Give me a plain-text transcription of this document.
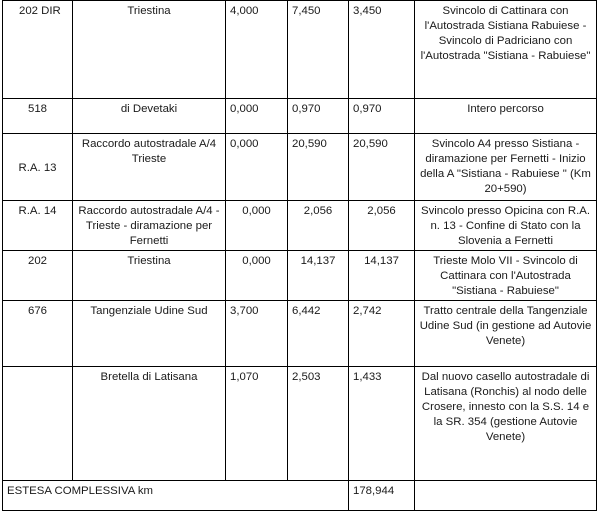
202 DIR	Triestina	4,000	7,450	3,450	Svincolo di Cattinara con l'Autostrada Sistiana Rabuiese - Svincolo di Padriciano con l'Autostrada "Sistiana - Rabuiese"
518	di Devetaki	0,000	0,970	0,970	Intero percorso
R.A. 13	Raccordo autostradale A/4 Trieste	0,000	20,590	20,590	Svincolo A4 presso Sistiana - diramazione per Fernetti - Inizio della A "Sistiana - Rabuiese " (Km 20+590)
R.A. 14	Raccordo autostradale A/4 -Trieste - diramazione per Fernetti	0,000	2,056	2,056	Svincolo presso Opicina con R.A. n. 13 - Confine di Stato con la Slovenia a Fernetti
202	Triestina	0,000	14,137	14,137	Trieste Molo VII - Svincolo di Cattinara con l'Autostrada "Sistiana - Rabuiese"
676	Tangenziale Udine Sud	3,700	6,442	2,742	Tratto centrale della Tangenziale Udine Sud (in gestione ad Autovie Venete)
	Bretella di Latisana	1,070	2,503	1,433	Dal nuovo casello autostradale di Latisana (Ronchis) al nodo delle Crosere, innesto con la S.S. 14 e la SR. 354 (gestione Autovie Venete)
ESTESA COMPLESSIVA km				178,944	
